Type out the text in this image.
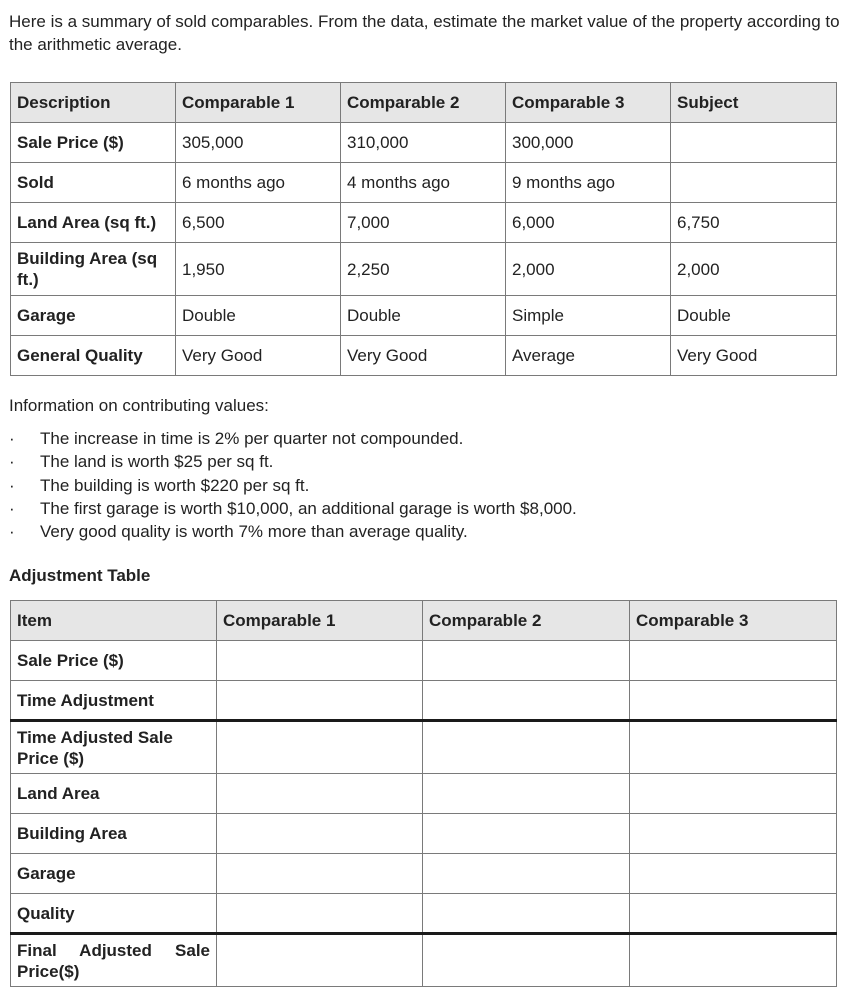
Here is a summary of sold comparables. From the data, estimate the market value of the property according to the arithmetic average.

Description	Comparable 1	Comparable 2	Comparable 3	Subject
Sale Price ($)	305,000	310,000	300,000	
Sold	6 months ago	4 months ago	9 months ago	
Land Area (sq ft.)	6,500	7,000	6,000	6,750
Building Area (sq ft.)	1,950	2,250	2,000	2,000
Garage	Double	Double	Simple	Double
General Quality	Very Good	Very Good	Average	Very Good

Information on contributing values:

· The increase in time is 2% per quarter not compounded.
· The land is worth $25 per sq ft.
· The building is worth $220 per sq ft.
· The first garage is worth $10,000, an additional garage is worth $8,000.
· Very good quality is worth 7% more than average quality.

Adjustment Table

Item	Comparable 1	Comparable 2	Comparable 3
Sale Price ($)			
Time Adjustment			
Time Adjusted Sale Price ($)			
Land Area			
Building Area			
Garage			
Quality			
Final Adjusted Sale Price($)			
